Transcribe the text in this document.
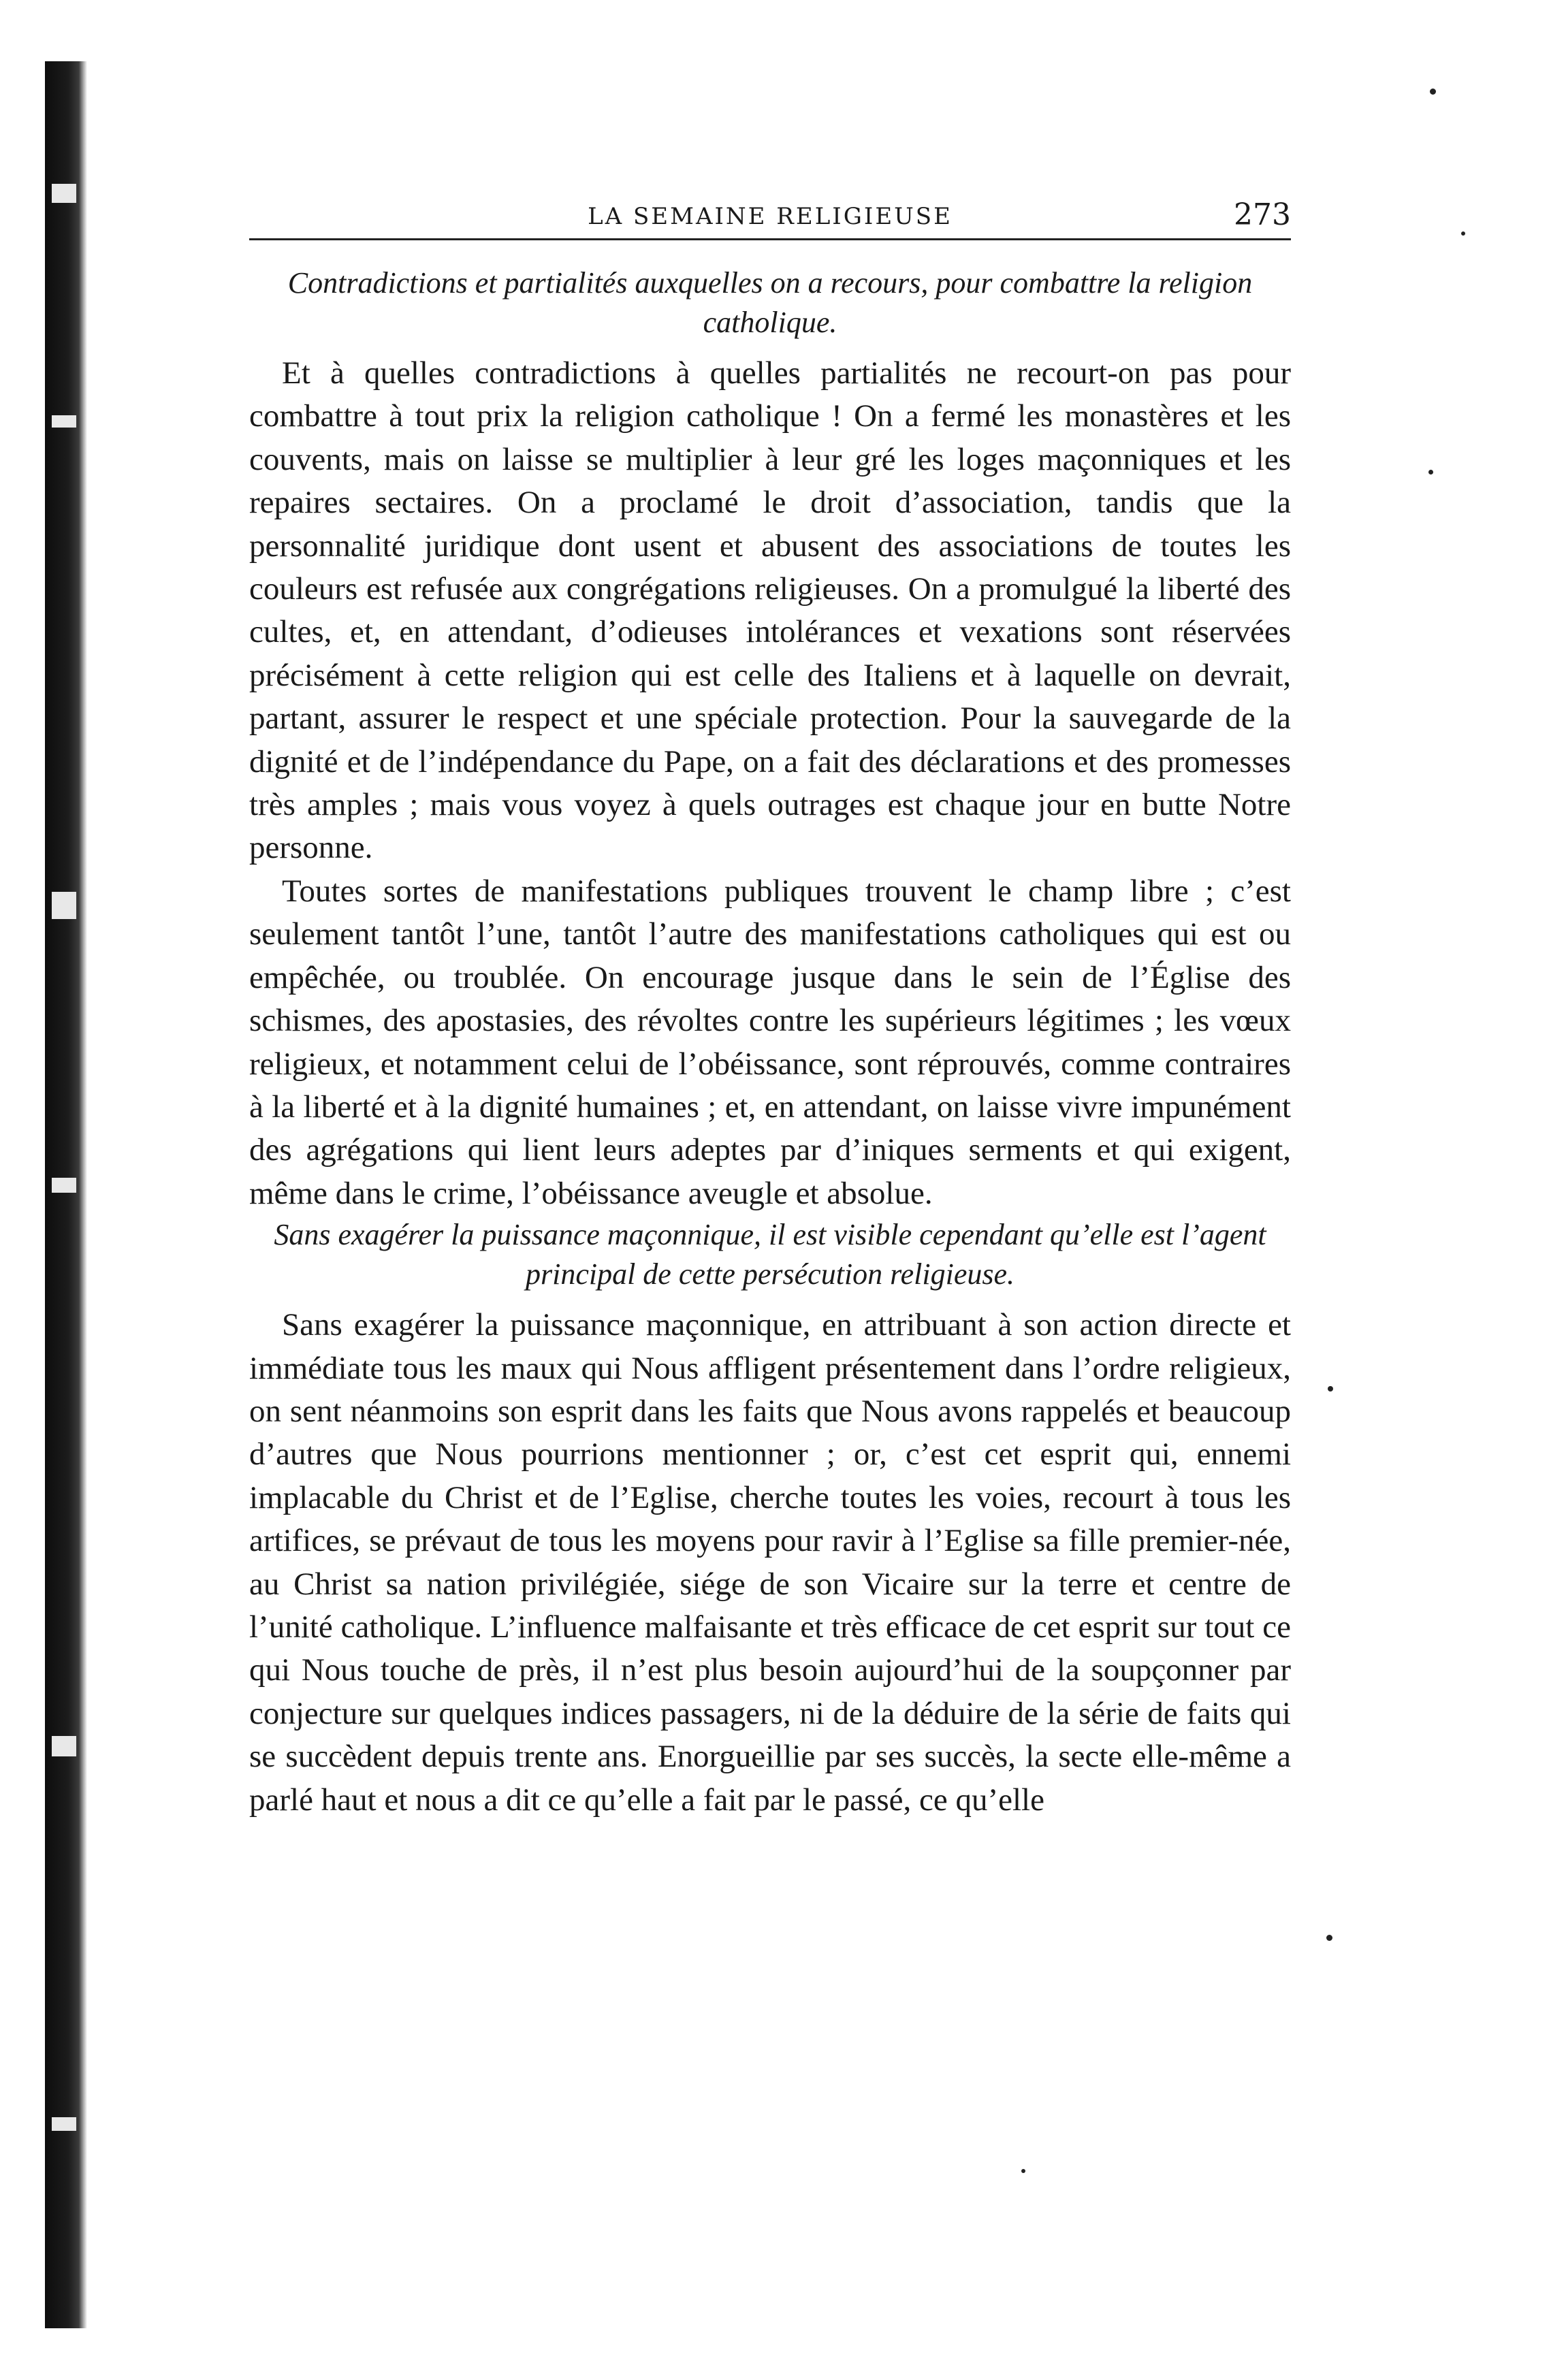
LA SEMAINE RELIGIEUSE	273

Contradictions et partialités auxquelles on a recours, pour combattre la religion catholique.

Et à quelles contradictions à quelles partialités ne recourt-on pas pour combattre à tout prix la religion catholique ! On a fermé les monastères et les couvents, mais on laisse se multiplier à leur gré les loges maçonniques et les repaires sectaires. On a proclamé le droit d’association, tandis que la personnalité juridique dont usent et abusent des associations de toutes les couleurs est refusée aux congrégations religieuses. On a promulgué la liberté des cultes, et, en attendant, d’odieuses intolérances et vexations sont réservées précisément à cette religion qui est celle des Italiens et à laquelle on devrait, partant, assurer le respect et une spéciale protection. Pour la sauvegarde de la dignité et de l’indépendance du Pape, on a fait des déclarations et des promesses très amples ; mais vous voyez à quels outrages est chaque jour en butte Notre personne.

Toutes sortes de manifestations publiques trouvent le champ libre ; c’est seulement tantôt l’une, tantôt l’autre des manifestations catholiques qui est ou empêchée, ou troublée. On encourage jusque dans le sein de l’Église des schismes, des apostasies, des révoltes contre les supérieurs légitimes ; les vœux religieux, et notamment celui de l’obéissance, sont réprouvés, comme contraires à la liberté et à la dignité humaines ; et, en attendant, on laisse vivre impunément des agrégations qui lient leurs adeptes par d’iniques serments et qui exigent, même dans le crime, l’obéissance aveugle et absolue.

Sans exagérer la puissance maçonnique, il est visible cependant qu’elle est l’agent principal de cette persécution religieuse.

Sans exagérer la puissance maçonnique, en attribuant à son action directe et immédiate tous les maux qui Nous affligent présentement dans l’ordre religieux, on sent néanmoins son esprit dans les faits que Nous avons rappelés et beaucoup d’autres que Nous pourrions mentionner ; or, c’est cet esprit qui, ennemi implacable du Christ et de l’Eglise, cherche toutes les voies, recourt à tous les artifices, se prévaut de tous les moyens pour ravir à l’Eglise sa fille premier-née, au Christ sa nation privilégiée, siége de son Vicaire sur la terre et centre de l’unité catholique. L’influence malfaisante et très efficace de cet esprit sur tout ce qui Nous touche de près, il n’est plus besoin aujourd’hui de la soupçonner par conjecture sur quelques indices passagers, ni de la déduire de la série de faits qui se succèdent depuis trente ans. Enorgueillie par ses succès, la secte elle-même a parlé haut et nous a dit ce qu’elle a fait par le passé, ce qu’elle
